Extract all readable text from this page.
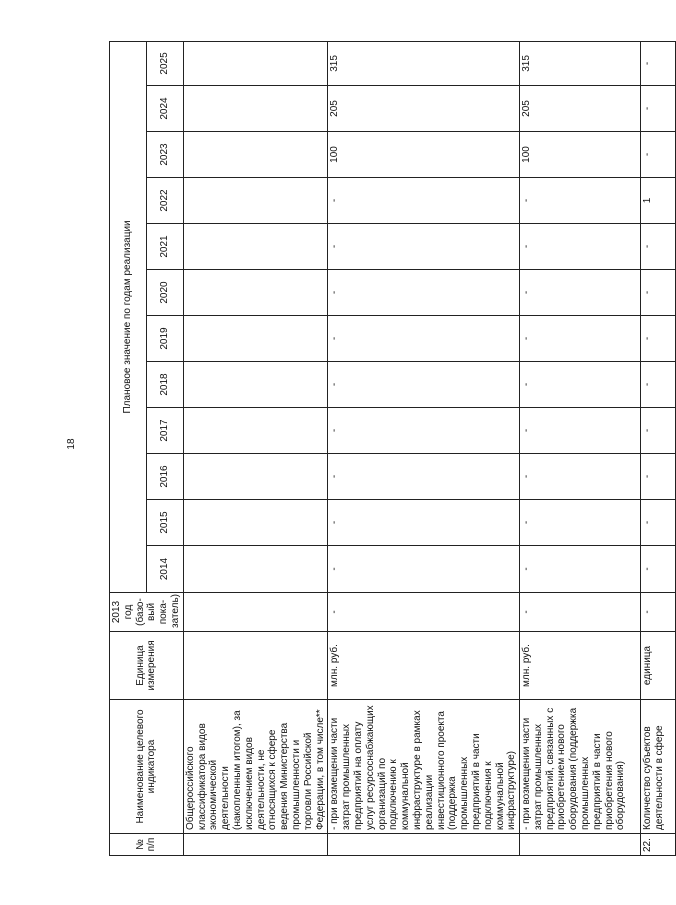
18
№ п/п	Наименование целевого индикатора	Единица измерения	2013 год (базо-вый пока-затель)	Плановое значение по годам реализации											
				2014	2015	2016	2017	2018	2019	2020	2021	2022	2023	2024	2025
	Общероссийского классификатора видов экономической деятельности (накопленным итогом), за исключением видов деятельности, не относящихся к сфере ведения Министерства промышленности и торговли Российской Федерации, в том числе**														
	- при возмещении части затрат промышленных предприятий на оплату услуг ресурсоснабжающих организаций по подключению к коммунальной инфраструктуре в рамках реализации инвестиционного проекта (поддержка промышленных предприятий в части подключения к коммунальной инфраструктуре)	млн. руб.	-	-	-	-	-	-	-	-	-	-	100	205	315
	- при возмещении части затрат промышленных предприятий, связанных с приобретением нового оборудования (поддержка промышленных предприятий в части приобретения нового оборудования)	млн. руб.	-	-	-	-	-	-	-	-	-	-	100	205	315
22.	Количество субъектов деятельности в сфере	единица	-	-	-	-	-	-	-	-	-	1	-	-	-
